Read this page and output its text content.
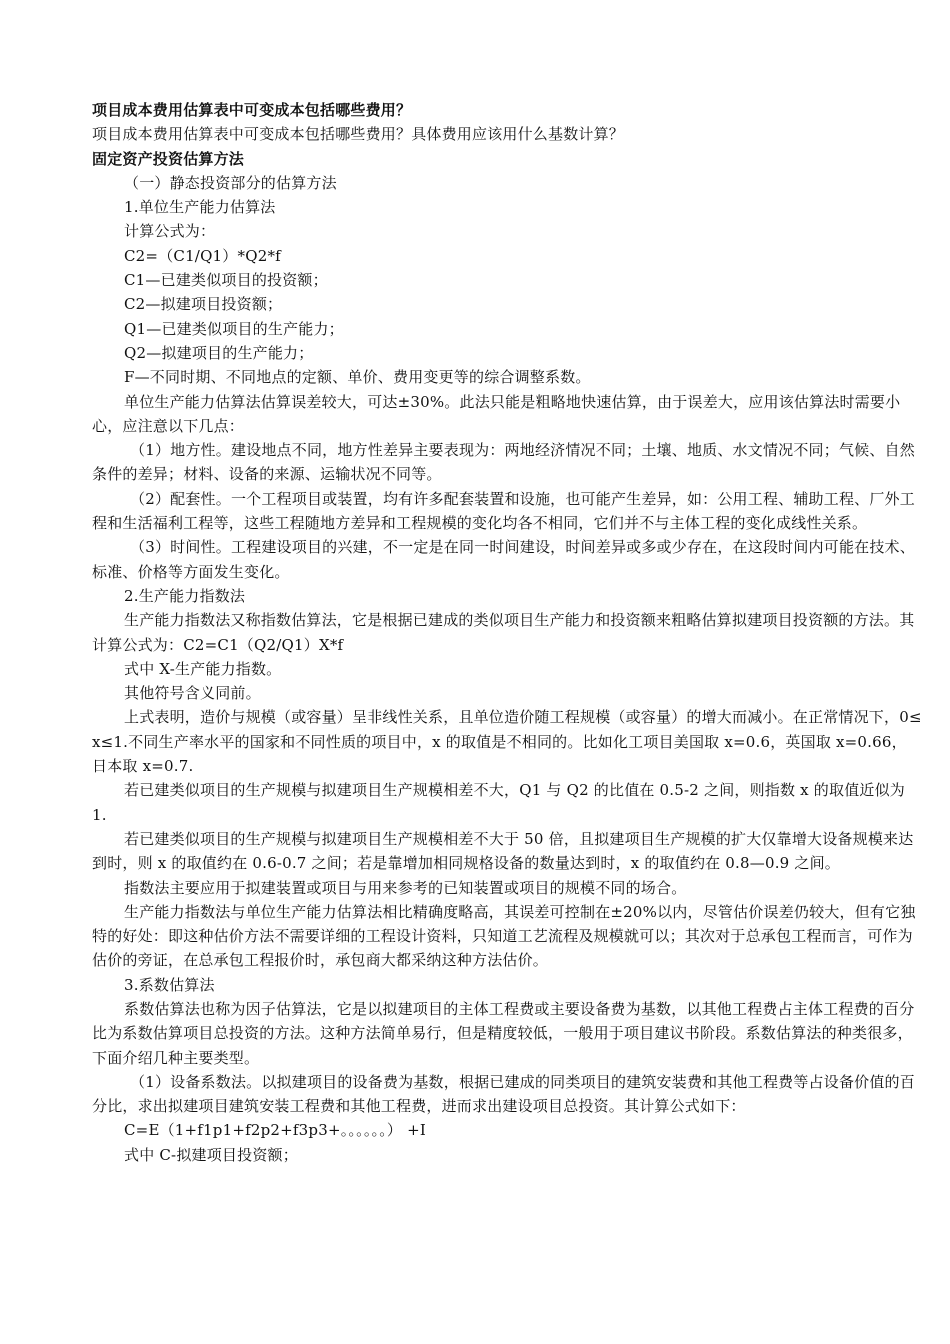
项目成本费用估算表中可变成本包括哪些费用？

项目成本费用估算表中可变成本包括哪些费用？具体费用应该用什么基数计算？

固定资产投资估算方法

（一）静态投资部分的估算方法

1.单位生产能力估算法

计算公式为：

C2=（C1/Q1）*Q2*f

C1—已建类似项目的投资额；

C2—拟建项目投资额；

Q1—已建类似项目的生产能力；

Q2—拟建项目的生产能力；

F—不同时期、不同地点的定额、单价、费用变更等的综合调整系数。

单位生产能力估算法估算误差较大，可达±30%。此法只能是粗略地快速估算，由于误差大，应用该估算法时需要小心，应注意以下几点：

（1）地方性。建设地点不同，地方性差异主要表现为：两地经济情况不同；土壤、地质、水文情况不同；气候、自然条件的差异；材料、设备的来源、运输状况不同等。

（2）配套性。一个工程项目或装置，均有许多配套装置和设施，也可能产生差异，如：公用工程、辅助工程、厂外工程和生活福利工程等，这些工程随地方差异和工程规模的变化均各不相同，它们并不与主体工程的变化成线性关系。

（3）时间性。工程建设项目的兴建，不一定是在同一时间建设，时间差异或多或少存在，在这段时间内可能在技术、标准、价格等方面发生变化。

2.生产能力指数法

生产能力指数法又称指数估算法，它是根据已建成的类似项目生产能力和投资额来粗略估算拟建项目投资额的方法。其计算公式为：C2=C1（Q2/Q1）X*f

式中 X-生产能力指数。

其他符号含义同前。

上式表明，造价与规模（或容量）呈非线性关系，且单位造价随工程规模（或容量）的增大而减小。在正常情况下，0≤x≤1.不同生产率水平的国家和不同性质的项目中，x 的取值是不相同的。比如化工项目美国取 x=0.6，英国取 x=0.66，日本取 x=0.7.

若已建类似项目的生产规模与拟建项目生产规模相差不大，Q1 与 Q2 的比值在 0.5-2 之间，则指数 x 的取值近似为 1.

若已建类似项目的生产规模与拟建项目生产规模相差不大于 50 倍，且拟建项目生产规模的扩大仅靠增大设备规模来达到时，则 x 的取值约在 0.6-0.7 之间；若是靠增加相同规格设备的数量达到时，x 的取值约在 0.8—0.9 之间。

指数法主要应用于拟建装置或项目与用来参考的已知装置或项目的规模不同的场合。

生产能力指数法与单位生产能力估算法相比精确度略高，其误差可控制在±20%以内，尽管估价误差仍较大，但有它独特的好处：即这种估价方法不需要详细的工程设计资料，只知道工艺流程及规模就可以；其次对于总承包工程而言，可作为估价的旁证，在总承包工程报价时，承包商大都采纳这种方法估价。

3.系数估算法

系数估算法也称为因子估算法，它是以拟建项目的主体工程费或主要设备费为基数，以其他工程费占主体工程费的百分比为系数估算项目总投资的方法。这种方法简单易行，但是精度较低，一般用于项目建议书阶段。系数估算法的种类很多，下面介绍几种主要类型。

（1）设备系数法。以拟建项目的设备费为基数，根据已建成的同类项目的建筑安装费和其他工程费等占设备价值的百分比，求出拟建项目建筑安装工程费和其他工程费，进而求出建设项目总投资。其计算公式如下：

C=E（1+f1p1+f2p2+f3p3+。。。。。。） +I

式中 C-拟建项目投资额；
